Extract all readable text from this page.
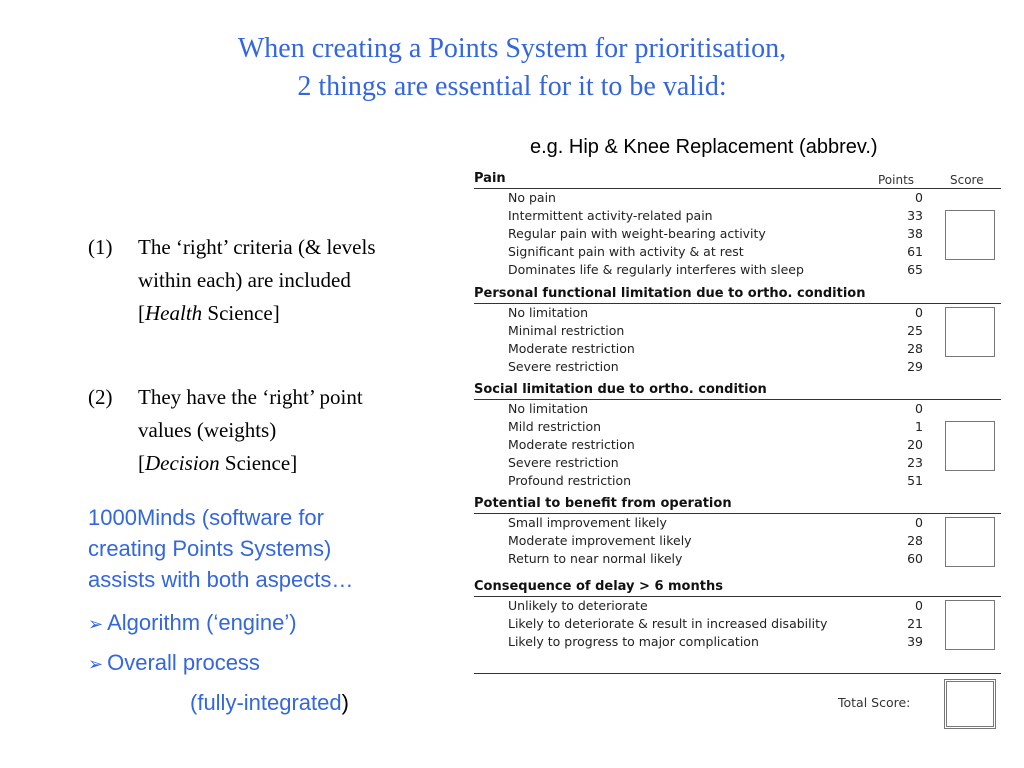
When creating a Points System for prioritisation,
2 things are essential for it to be valid:
e.g. Hip & Knee Replacement (abbrev.)
(1) The ‘right’ criteria (& levels
within each) are included
[Health Science]
(2) They have the ‘right’ point
values (weights)
[Decision Science]
1000Minds (software for
creating Points Systems)
assists with both aspects…
➢ Algorithm (‘engine’)
➢ Overall process
(fully-integrated)
Pain	Points	Score
No pain	0
Intermittent activity-related pain	33
Regular pain with weight-bearing activity	38
Significant pain with activity & at rest	61
Dominates life & regularly interferes with sleep	65
Personal functional limitation due to ortho. condition
No limitation	0
Minimal restriction	25
Moderate restriction	28
Severe restriction	29
Social limitation due to ortho. condition
No limitation	0
Mild restriction	1
Moderate restriction	20
Severe restriction	23
Profound restriction	51
Potential to benefit from operation
Small improvement likely	0
Moderate improvement likely	28
Return to near normal likely	60
Consequence of delay > 6 months
Unlikely to deteriorate	0
Likely to deteriorate & result in increased disability	21
Likely to progress to major complication	39
Total Score:
